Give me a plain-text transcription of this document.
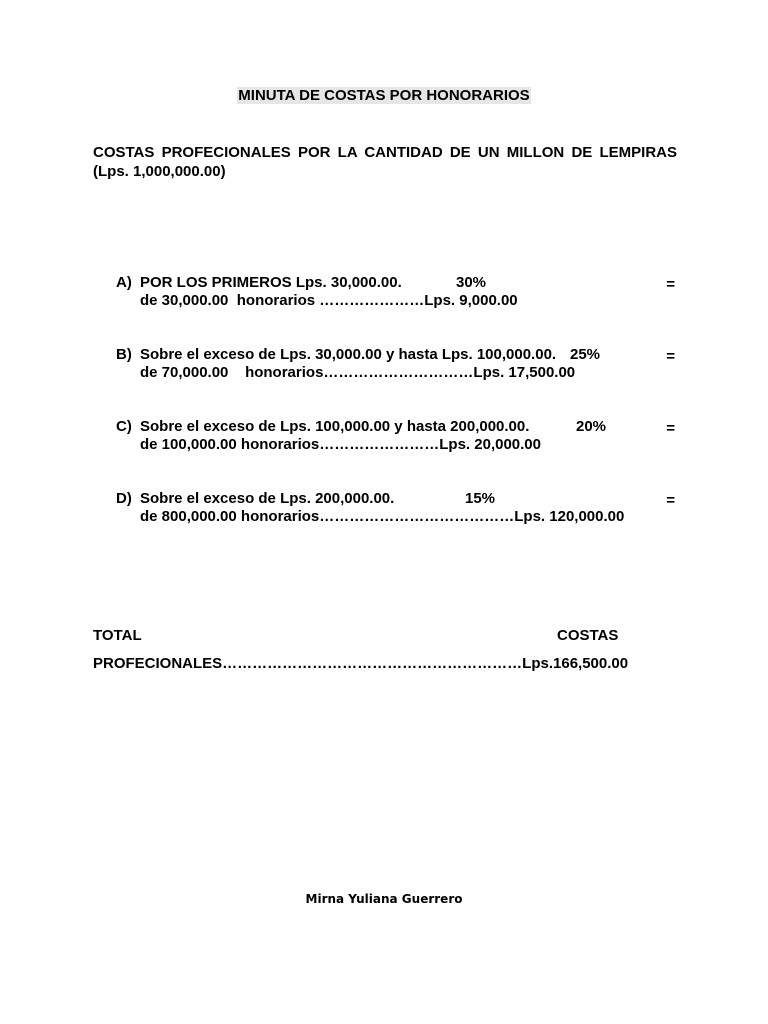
MINUTA DE COSTAS POR HONORARIOS
COSTAS PROFECIONALES POR LA CANTIDAD DE UN MILLON DE LEMPIRAS (Lps. 1,000,000.00)
A) POR LOS PRIMEROS Lps. 30,000.00.	30%	=
de 30,000.00  honorarios …………………Lps. 9,000.00
B) Sobre el exceso de Lps. 30,000.00 y hasta Lps. 100,000.00. 25%	=
de 70,000.00    honorarios…………………………Lps. 17,500.00
C) Sobre el exceso de Lps. 100,000.00 y hasta 200,000.00.	20%	=
de 100,000.00 honorarios……………………Lps. 20,000.00
D) Sobre el exceso de Lps. 200,000.00.	15%	=
de 800,000.00 honorarios…………………………………Lps. 120,000.00
TOTAL	COSTAS
PROFECIONALES……………………………………………………Lps.166,500.00
Mirna Yuliana Guerrero
